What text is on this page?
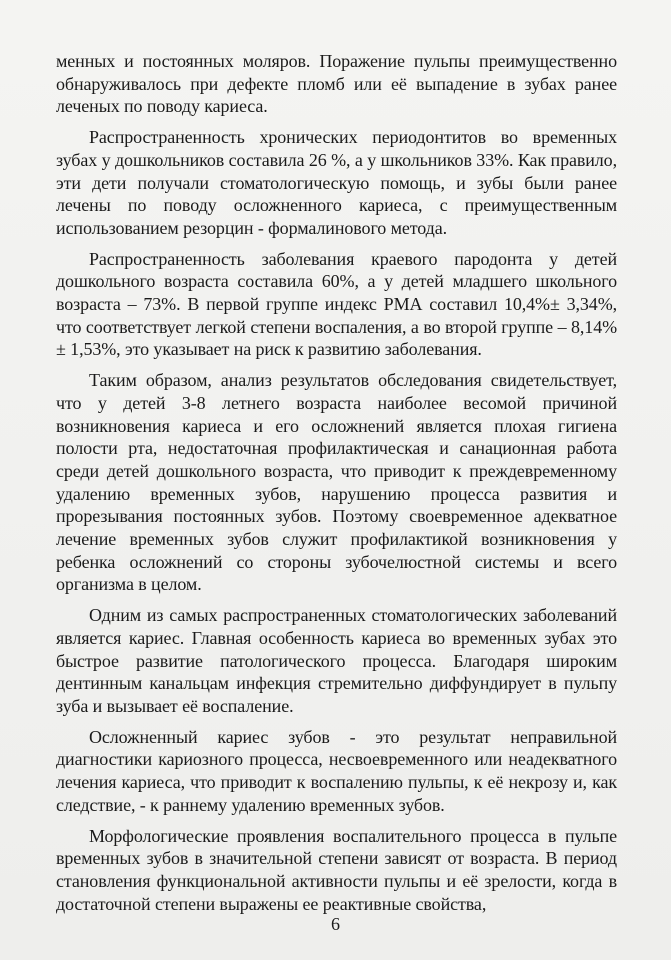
менных и постоянных моляров. Поражение пульпы преимущественно обнаруживалось при дефекте пломб или её выпадение в зубах ранее леченых по поводу кариеса.

Распространенность хронических периодонтитов во временных зубах у дошкольников составила 26 %, а у школьников 33%. Как правило, эти дети получали стоматологическую помощь, и зубы были ранее лечены по поводу осложненного кариеса, с преимущественным использованием резорцин - формалинового метода.

Распространенность заболевания краевого пародонта у детей дошкольного возраста составила 60%, а у детей младшего школьного возраста – 73%. В первой группе индекс РМА составил 10,4%± 3,34%, что соответствует легкой степени воспаления, а во второй группе – 8,14%± 1,53%, это указывает на риск к развитию заболевания.

Таким образом, анализ результатов обследования свидетельствует, что у детей 3-8 летнего возраста наиболее весомой причиной возникновения кариеса и его осложнений является плохая гигиена полости рта, недостаточная профилактическая и санационная работа среди детей дошкольного возраста, что приводит к преждевременному удалению временных зубов, нарушению процесса развития и прорезывания постоянных зубов. Поэтому своевременное адекватное лечение временных зубов служит профилактикой возникновения у ребенка осложнений со стороны зубочелюстной системы и всего организма в целом.

Одним из самых распространенных стоматологических заболеваний является кариес. Главная особенность кариеса во временных зубах это быстрое развитие патологического процесса. Благодаря широким дентинным канальцам инфекция стремительно диффундирует в пульпу зуба и вызывает её воспаление.

Осложненный кариес зубов - это результат неправильной диагностики кариозного процесса, несвоевременного или неадекватного лечения кариеса, что приводит к воспалению пульпы, к её некрозу и, как следствие, - к раннему удалению временных зубов.

Морфологические проявления воспалительного процесса в пульпе временных зубов в значительной степени зависят от возраста. В период становления функциональной активности пульпы и её зрелости, когда в достаточной степени выражены ее реактивные свойства,

6
